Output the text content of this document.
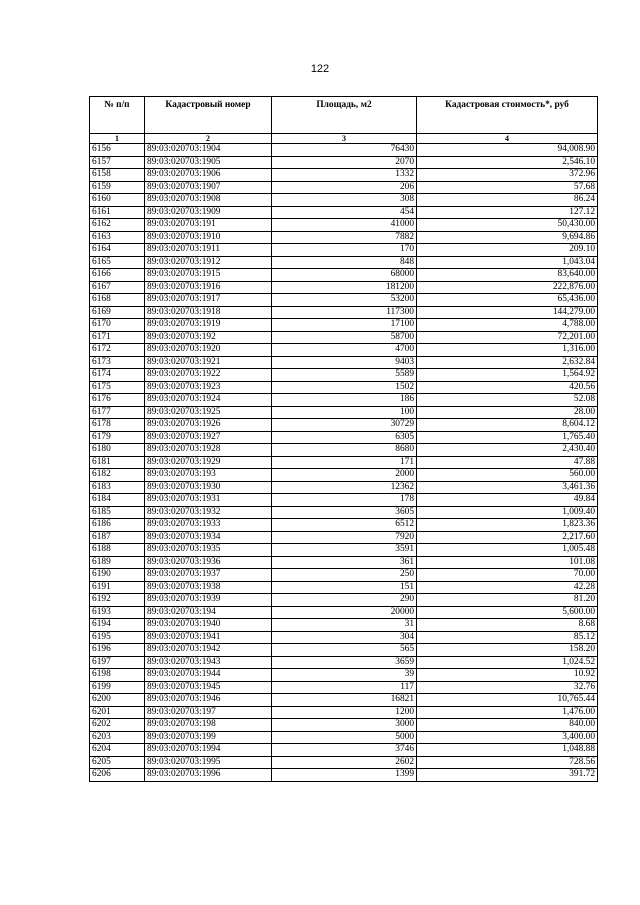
122
№ п/п	Кадастровый номер	Площадь, м2	Кадастровая стоимость*, руб
1	2	3	4
6156	89:03:020703:1904	76430	94,008.90
6157	89:03:020703:1905	2070	2,546.10
6158	89:03:020703:1906	1332	372.96
6159	89:03:020703:1907	206	57.68
6160	89:03:020703:1908	308	86.24
6161	89:03:020703:1909	454	127.12
6162	89:03:020703:191	41000	50,430.00
6163	89:03:020703:1910	7882	9,694.86
6164	89:03:020703:1911	170	209.10
6165	89:03:020703:1912	848	1,043.04
6166	89:03:020703:1915	68000	83,640.00
6167	89:03:020703:1916	181200	222,876.00
6168	89:03:020703:1917	53200	65,436.00
6169	89:03:020703:1918	117300	144,279.00
6170	89:03:020703:1919	17100	4,788.00
6171	89:03:020703:192	58700	72,201.00
6172	89:03:020703:1920	4700	1,316.00
6173	89:03:020703:1921	9403	2,632.84
6174	89:03:020703:1922	5589	1,564.92
6175	89:03:020703:1923	1502	420.56
6176	89:03:020703:1924	186	52.08
6177	89:03:020703:1925	100	28.00
6178	89:03:020703:1926	30729	8,604.12
6179	89:03:020703:1927	6305	1,765.40
6180	89:03:020703:1928	8680	2,430.40
6181	89:03:020703:1929	171	47.88
6182	89:03:020703:193	2000	560.00
6183	89:03:020703:1930	12362	3,461.36
6184	89:03:020703:1931	178	49.84
6185	89:03:020703:1932	3605	1,009.40
6186	89:03:020703:1933	6512	1,823.36
6187	89:03:020703:1934	7920	2,217.60
6188	89:03:020703:1935	3591	1,005.48
6189	89:03:020703:1936	361	101.08
6190	89:03:020703:1937	250	70.00
6191	89:03:020703:1938	151	42.28
6192	89:03:020703:1939	290	81.20
6193	89:03:020703:194	20000	5,600.00
6194	89:03:020703:1940	31	8.68
6195	89:03:020703:1941	304	85.12
6196	89:03:020703:1942	565	158.20
6197	89:03:020703:1943	3659	1,024.52
6198	89:03:020703:1944	39	10.92
6199	89:03:020703:1945	117	32.76
6200	89:03:020703:1946	16821	10,765.44
6201	89:03:020703:197	1200	1,476.00
6202	89:03:020703:198	3000	840.00
6203	89:03:020703:199	5000	3,400.00
6204	89:03:020703:1994	3746	1,048.88
6205	89:03:020703:1995	2602	728.56
6206	89:03:020703:1996	1399	391.72
